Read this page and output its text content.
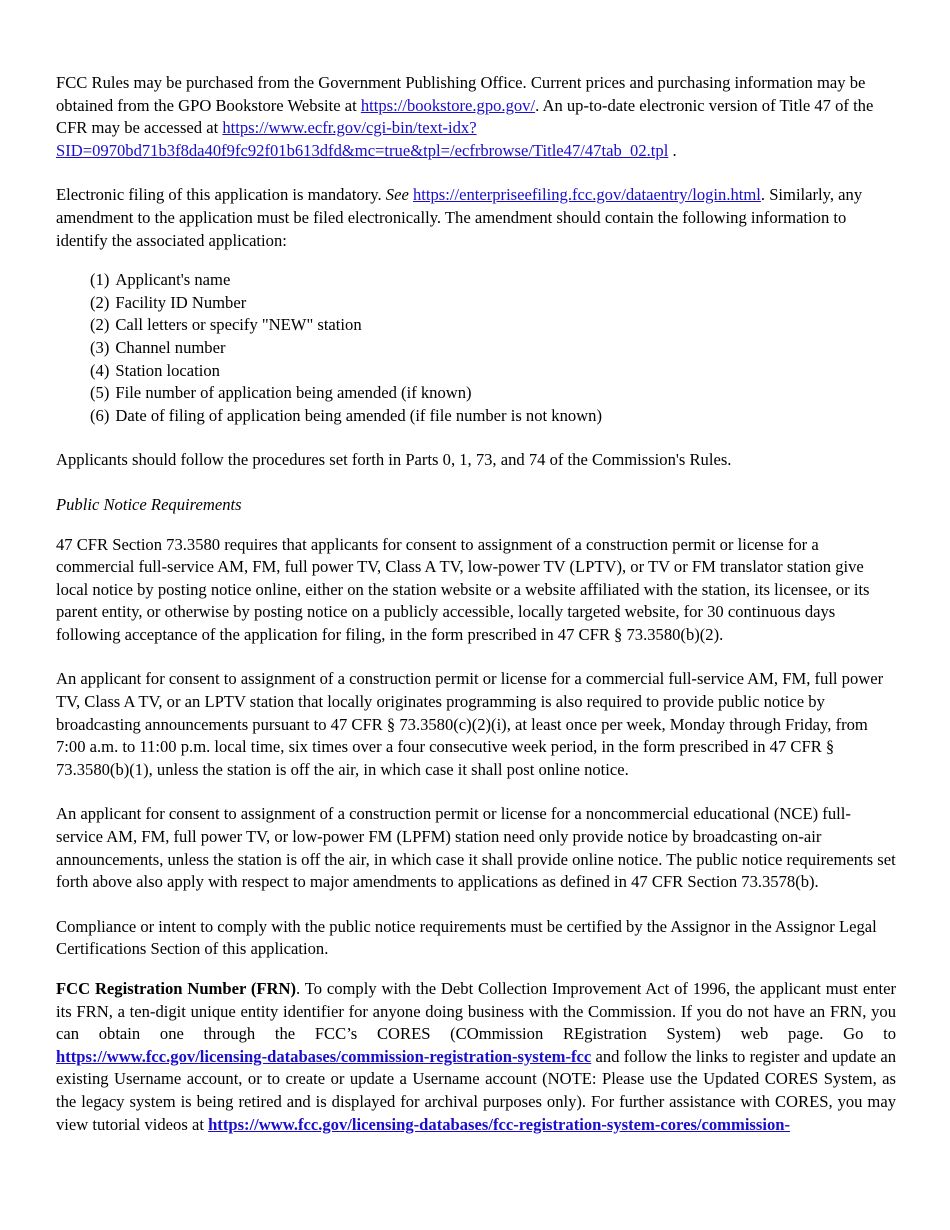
FCC Rules may be purchased from the Government Publishing Office. Current prices and purchasing information may be obtained from the GPO Bookstore Website at https://bookstore.gpo.gov/. An up-to-date electronic version of Title 47 of the CFR may be accessed at https://www.ecfr.gov/cgi-bin/text-idx?SID=0970bd71b3f8da40f9fc92f01b613dfd&mc=true&tpl=/ecfrbrowse/Title47/47tab_02.tpl .

Electronic filing of this application is mandatory. See https://enterpriseefiling.fcc.gov/dataentry/login.html. Similarly, any amendment to the application must be filed electronically. The amendment should contain the following information to identify the associated application:

(1) Applicant's name
(2) Facility ID Number
(2) Call letters or specify "NEW" station
(3) Channel number
(4) Station location
(5) File number of application being amended (if known)
(6) Date of filing of application being amended (if file number is not known)

Applicants should follow the procedures set forth in Parts 0, 1, 73, and 74 of the Commission's Rules.

Public Notice Requirements

47 CFR Section 73.3580 requires that applicants for consent to assignment of a construction permit or license for a commercial full-service AM, FM, full power TV, Class A TV, low-power TV (LPTV), or TV or FM translator station give local notice by posting notice online, either on the station website or a website affiliated with the station, its licensee, or its parent entity, or otherwise by posting notice on a publicly accessible, locally targeted website, for 30 continuous days following acceptance of the application for filing, in the form prescribed in 47 CFR § 73.3580(b)(2).

An applicant for consent to assignment of a construction permit or license for a commercial full-service AM, FM, full power TV, Class A TV, or an LPTV station that locally originates programming is also required to provide public notice by broadcasting announcements pursuant to 47 CFR § 73.3580(c)(2)(i), at least once per week, Monday through Friday, from 7:00 a.m. to 11:00 p.m. local time, six times over a four consecutive week period, in the form prescribed in 47 CFR § 73.3580(b)(1), unless the station is off the air, in which case it shall post online notice.

An applicant for consent to assignment of a construction permit or license for a noncommercial educational (NCE) full-service AM, FM, full power TV, or low-power FM (LPFM) station need only provide notice by broadcasting on-air announcements, unless the station is off the air, in which case it shall provide online notice. The public notice requirements set forth above also apply with respect to major amendments to applications as defined in 47 CFR Section 73.3578(b).

Compliance or intent to comply with the public notice requirements must be certified by the Assignor in the Assignor Legal Certifications Section of this application.

FCC Registration Number (FRN). To comply with the Debt Collection Improvement Act of 1996, the applicant must enter its FRN, a ten-digit unique entity identifier for anyone doing business with the Commission. If you do not have an FRN, you can obtain one through the FCC’s CORES (COmmission REgistration System) web page. Go to https://www.fcc.gov/licensing-databases/commission-registration-system-fcc and follow the links to register and update an existing Username account, or to create or update a Username account (NOTE: Please use the Updated CORES System, as the legacy system is being retired and is displayed for archival purposes only). For further assistance with CORES, you may view tutorial videos at https://www.fcc.gov/licensing-databases/fcc-registration-system-cores/commission-
